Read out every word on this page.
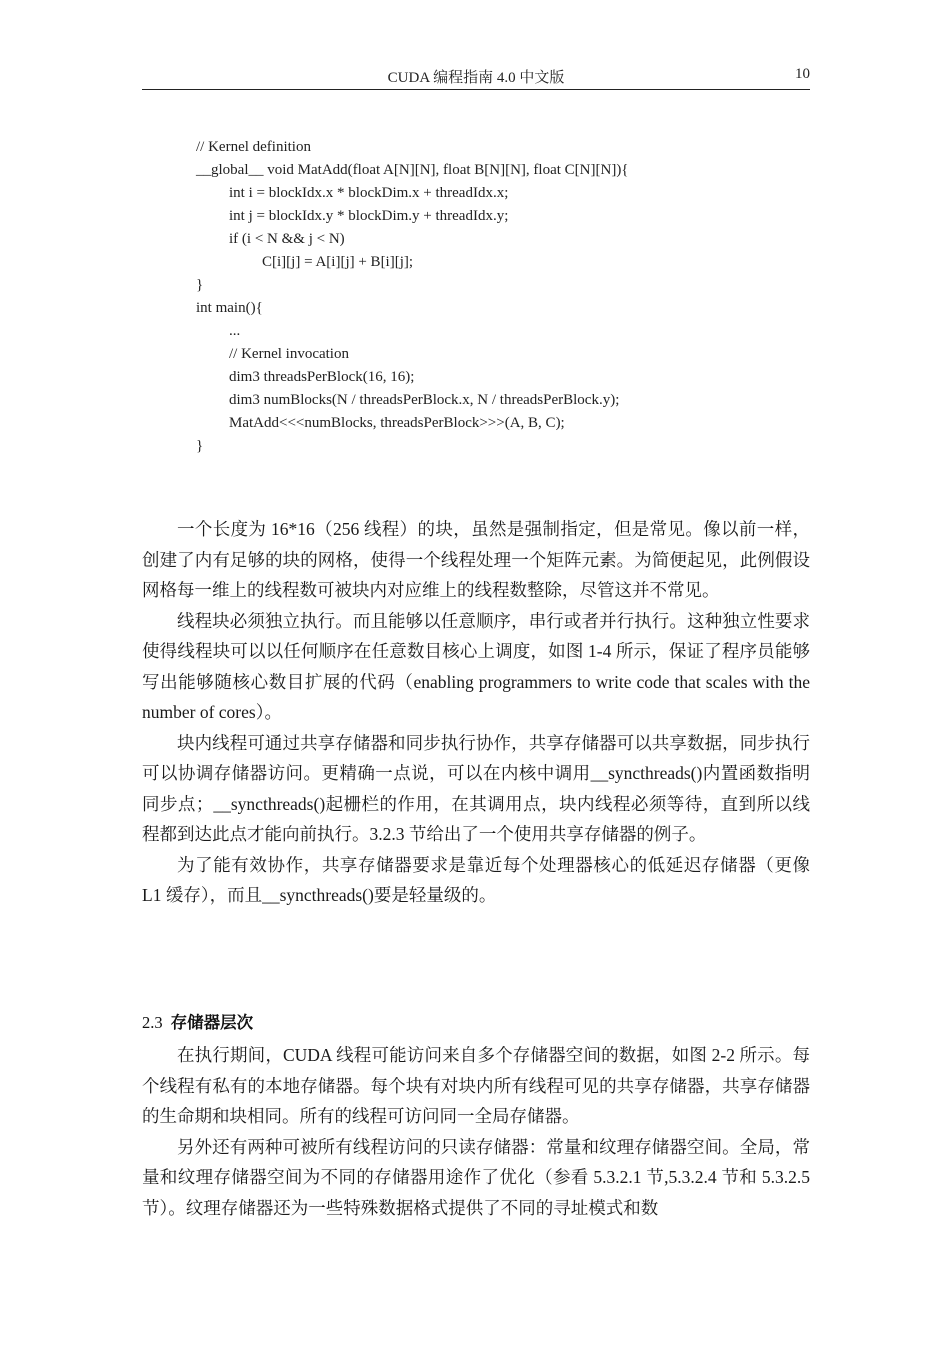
CUDA 编程指南 4.0 中文版	10
// Kernel definition
__global__ void MatAdd(float A[N][N], float B[N][N], float C[N][N]){
int i = blockIdx.x * blockDim.x + threadIdx.x;
int j = blockIdx.y * blockDim.y + threadIdx.y;
if (i < N && j < N)
C[i][j] = A[i][j] + B[i][j];
}
int main(){
...
// Kernel invocation
dim3 threadsPerBlock(16, 16);
dim3 numBlocks(N / threadsPerBlock.x, N / threadsPerBlock.y);
MatAdd<<<numBlocks, threadsPerBlock>>>(A, B, C);
}

一个长度为 16*16（256 线程）的块，虽然是强制指定，但是常见。像以前一样，创建了内有足够的块的网格，使得一个线程处理一个矩阵元素。为简便起见，此例假设网格每一维上的线程数可被块内对应维上的线程数整除，尽管这并不常见。

线程块必须独立执行。而且能够以任意顺序，串行或者并行执行。这种独立性要求使得线程块可以以任何顺序在任意数目核心上调度，如图 1-4 所示，保证了程序员能够写出能够随核心数目扩展的代码（enabling programmers to write code that scales with the number of cores）。

块内线程可通过共享存储器和同步执行协作，共享存储器可以共享数据，同步执行可以协调存储器访问。更精确一点说，可以在内核中调用__syncthreads()内置函数指明同步点；__syncthreads()起栅栏的作用，在其调用点，块内线程必须等待，直到所以线程都到达此点才能向前执行。3.2.3 节给出了一个使用共享存储器的例子。

为了能有效协作，共享存储器要求是靠近每个处理器核心的低延迟存储器（更像 L1 缓存），而且__syncthreads()要是轻量级的。

2.3 存储器层次

在执行期间，CUDA 线程可能访问来自多个存储器空间的数据，如图 2-2 所示。每个线程有私有的本地存储器。每个块有对块内所有线程可见的共享存储器，共享存储器的生命期和块相同。所有的线程可访问同一全局存储器。

另外还有两种可被所有线程访问的只读存储器：常量和纹理存储器空间。全局，常量和纹理存储器空间为不同的存储器用途作了优化（参看 5.3.2.1 节,5.3.2.4 节和 5.3.2.5 节）。纹理存储器还为一些特殊数据格式提供了不同的寻址模式和数
